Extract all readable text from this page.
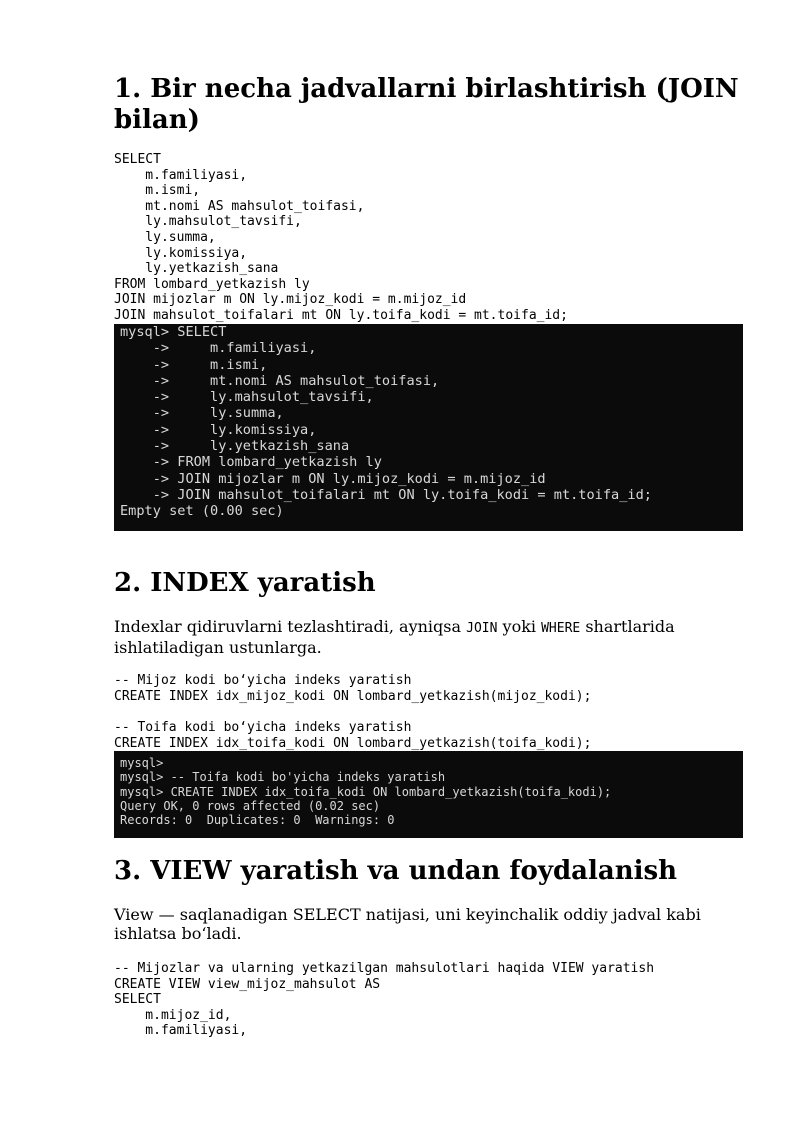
1. Bir necha jadvallarni birlashtirish (JOIN
bilan)
SELECT
m.familiyasi,
m.ismi,
mt.nomi AS mahsulot_toifasi,
ly.mahsulot_tavsifi,
ly.summa,
ly.komissiya,
ly.yetkazish_sana
FROM lombard_yetkazish ly
JOIN mijozlar m ON ly.mijoz_kodi = m.mijoz_id
JOIN mahsulot_toifalari mt ON ly.toifa_kodi = mt.toifa_id;
mysql> SELECT
->     m.familiyasi,
->     m.ismi,
->     mt.nomi AS mahsulot_toifasi,
->     ly.mahsulot_tavsifi,
->     ly.summa,
->     ly.komissiya,
->     ly.yetkazish_sana
-> FROM lombard_yetkazish ly
-> JOIN mijozlar m ON ly.mijoz_kodi = m.mijoz_id
-> JOIN mahsulot_toifalari mt ON ly.toifa_kodi = mt.toifa_id;
Empty set (0.00 sec)
2. INDEX yaratish

Indexlar qidiruvlarni tezlashtiradi, ayniqsa JOIN yoki WHERE shartlarida
ishlatiladigan ustunlarga.

-- Mijoz kodi bo‘yicha indeks yaratish
CREATE INDEX idx_mijoz_kodi ON lombard_yetkazish(mijoz_kodi);
-- Toifa kodi bo‘yicha indeks yaratish
CREATE INDEX idx_toifa_kodi ON lombard_yetkazish(toifa_kodi);
mysql>
mysql> -- Toifa kodi bo'yicha indeks yaratish
mysql> CREATE INDEX idx_toifa_kodi ON lombard_yetkazish(toifa_kodi);
Query OK, 0 rows affected (0.02 sec)
Records: 0  Duplicates: 0  Warnings: 0
3. VIEW yaratish va undan foydalanish

View — saqlanadigan SELECT natijasi, uni keyinchalik oddiy jadval kabi
ishlatsa bo‘ladi.

-- Mijozlar va ularning yetkazilgan mahsulotlari haqida VIEW yaratish
CREATE VIEW view_mijoz_mahsulot AS
SELECT
m.mijoz_id,
m.familiyasi,
